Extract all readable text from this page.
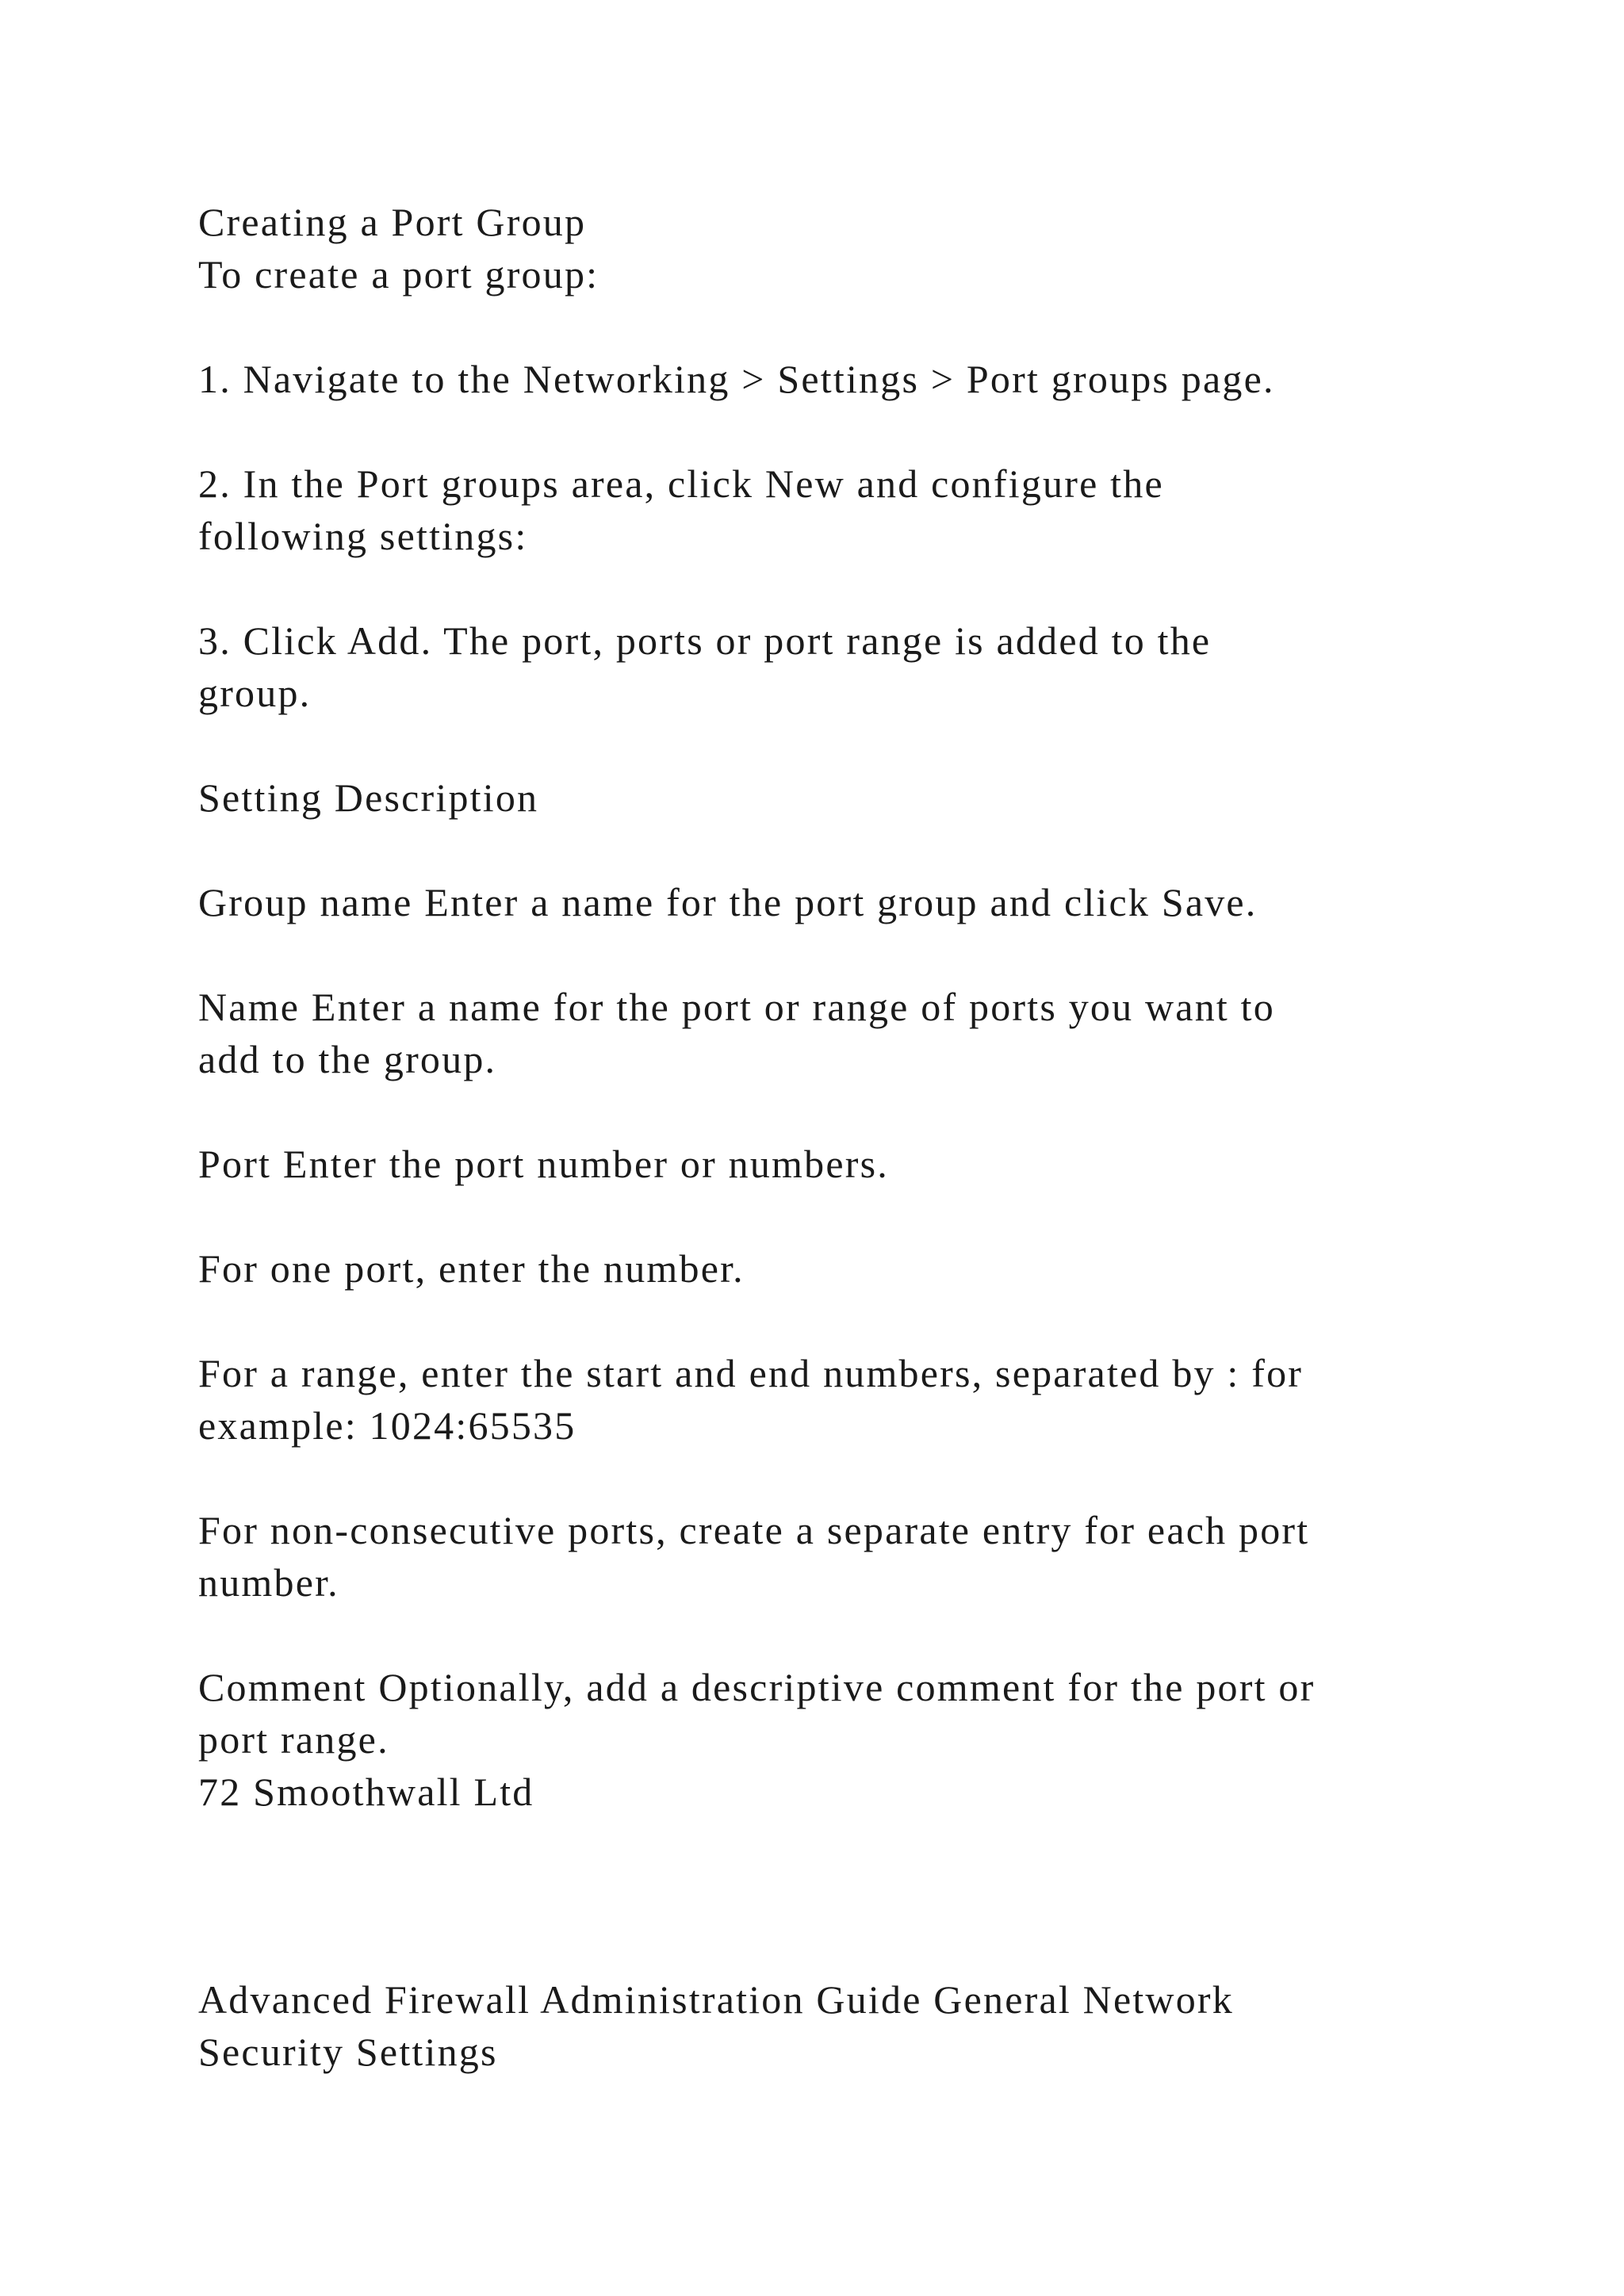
Creating a Port Group

To create a port group:

1. Navigate to the Networking > Settings > Port groups page.

2. In the Port groups area, click New and configure the

following settings:

3. Click Add. The port, ports or port range is added to the

group.

Setting Description

Group name Enter a name for the port group and click Save.

Name Enter a name for the port or range of ports you want to

add to the group.

Port Enter the port number or numbers.

For one port, enter the number.

For a range, enter the start and end numbers, separated by : for

example: 1024:65535

For non-consecutive ports, create a separate entry for each port

number.

Comment Optionally, add a descriptive comment for the port or

port range.

72 Smoothwall Ltd

Advanced Firewall Administration Guide General Network

Security Settings
